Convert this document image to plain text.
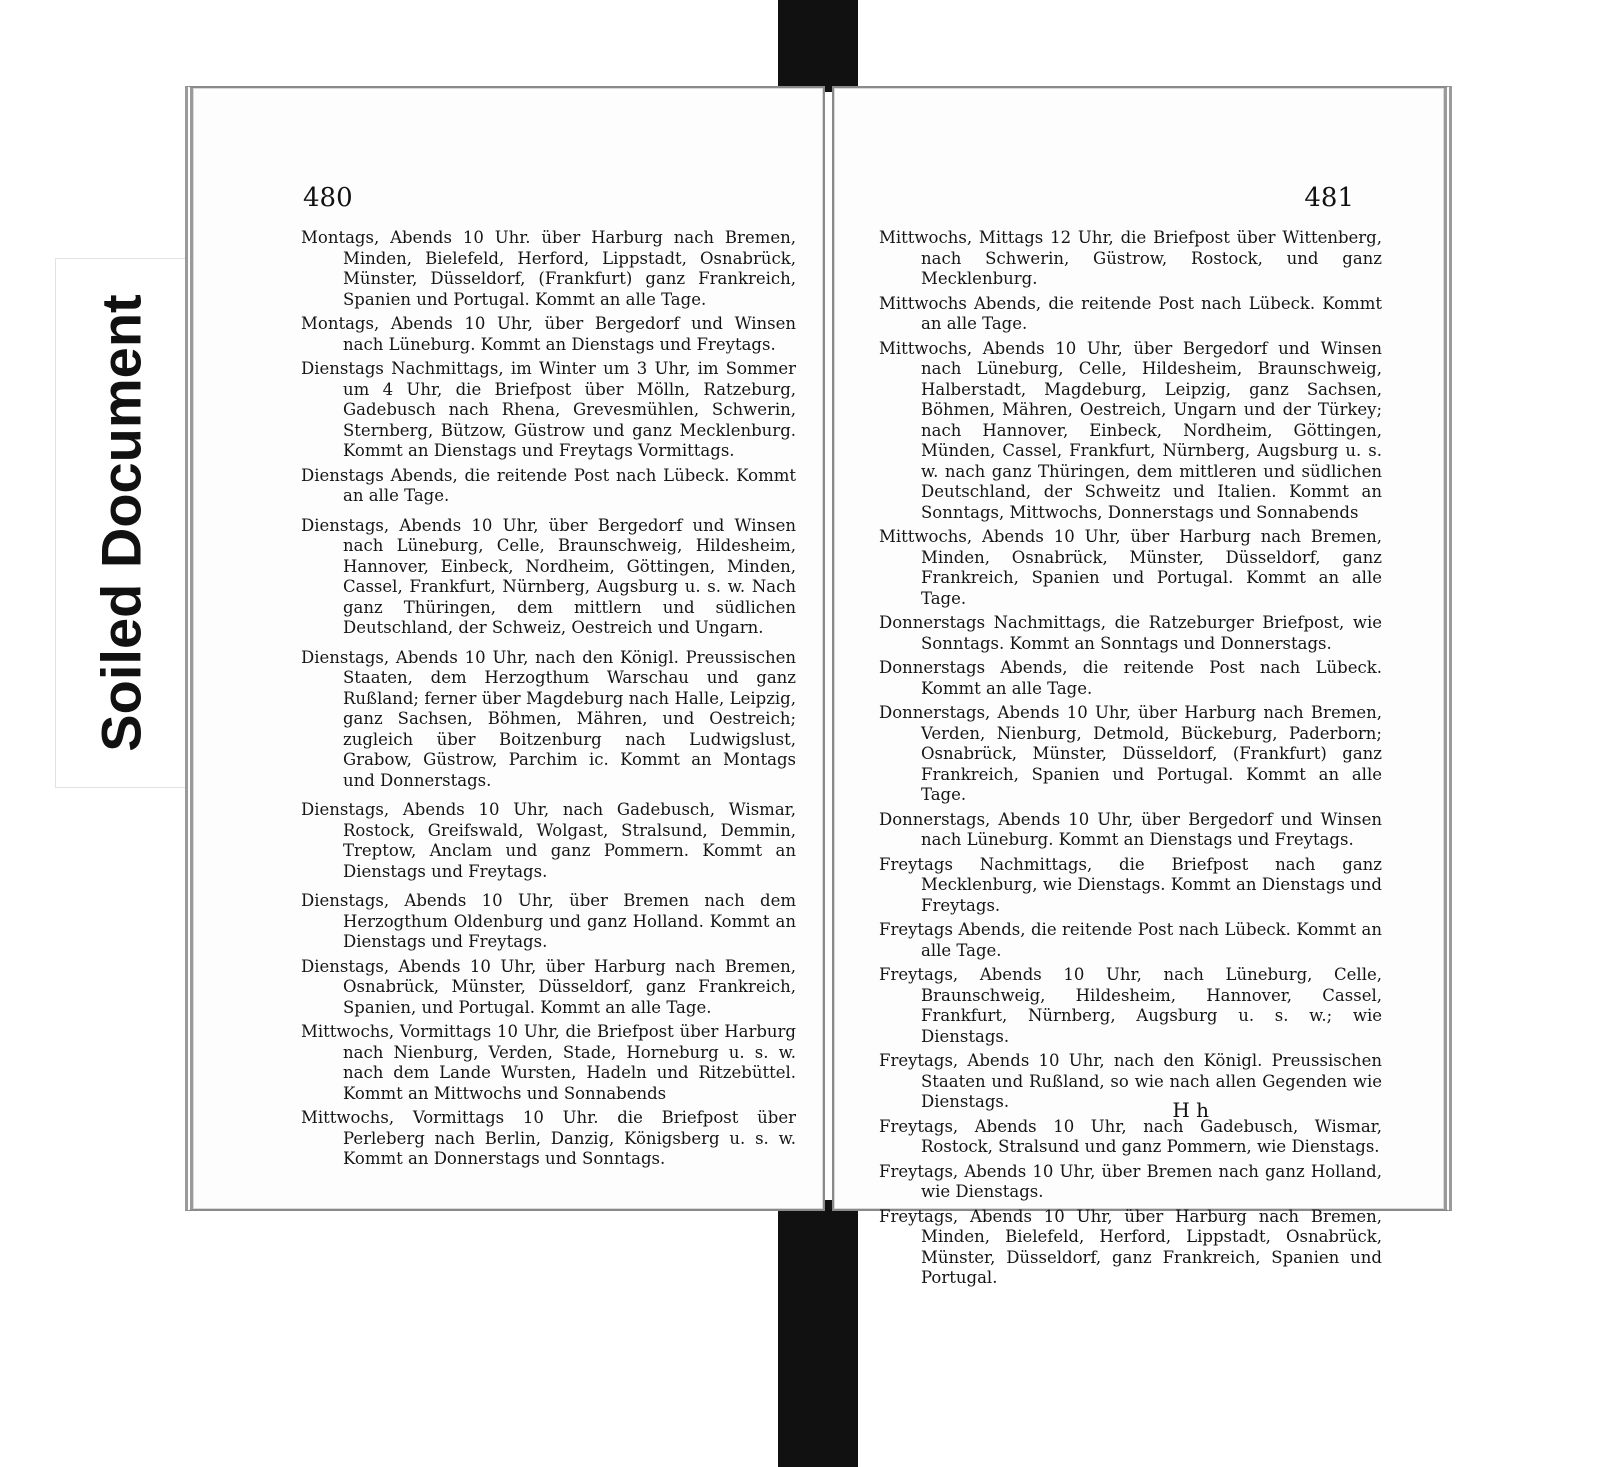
Soiled Document
480

Montags, Abends 10 Uhr. über Harburg nach Bremen, Minden, Bielefeld, Herford, Lippstadt, Osnabrück, Münster, Düsseldorf, (Frankfurt) ganz Frankreich, Spanien und Portugal. Kommt an alle Tage.

Montags, Abends 10 Uhr, über Bergedorf und Winsen nach Lüneburg. Kommt an Dienstags und Freytags.

Dienstags Nachmittags, im Winter um 3 Uhr, im Sommer um 4 Uhr, die Briefpost über Mölln, Ratzeburg, Gadebusch nach Rhena, Grevesmühlen, Schwerin, Sternberg, Bützow, Güstrow und ganz Mecklenburg. Kommt an Dienstags und Freytags Vormittags.

Dienstags Abends, die reitende Post nach Lübeck. Kommt an alle Tage.

Dienstags, Abends 10 Uhr, über Bergedorf und Winsen nach Lüneburg, Celle, Braunschweig, Hildesheim, Hannover, Einbeck, Nordheim, Göttingen, Minden, Cassel, Frankfurt, Nürnberg, Augsburg u. s. w. Nach ganz Thüringen, dem mittlern und südlichen Deutschland, der Schweiz, Oestreich und Ungarn.

Dienstags, Abends 10 Uhr, nach den Königl. Preussischen Staaten, dem Herzogthum Warschau und ganz Rußland; ferner über Magdeburg nach Halle, Leipzig, ganz Sachsen, Böhmen, Mähren, und Oestreich; zugleich über Boitzenburg nach Ludwigslust, Grabow, Güstrow, Parchim ic. Kommt an Montags und Donnerstags.

Dienstags, Abends 10 Uhr, nach Gadebusch, Wismar, Rostock, Greifswald, Wolgast, Stralsund, Demmin, Treptow, Anclam und ganz Pommern. Kommt an Dienstags und Freytags.

Dienstags, Abends 10 Uhr, über Bremen nach dem Herzogthum Oldenburg und ganz Holland. Kommt an Dienstags und Freytags.

Dienstags, Abends 10 Uhr, über Harburg nach Bremen, Osnabrück, Münster, Düsseldorf, ganz Frankreich, Spanien, und Portugal. Kommt an alle Tage.

Mittwochs, Vormittags 10 Uhr, die Briefpost über Harburg nach Nienburg, Verden, Stade, Horneburg u. s. w. nach dem Lande Wursten, Hadeln und Ritzebüttel. Kommt an Mittwochs und Sonnabends

Mittwochs, Vormittags 10 Uhr. die Briefpost über Perleberg nach Berlin, Danzig, Königsberg u. s. w. Kommt an Donnerstags und Sonntags.

481

Mittwochs, Mittags 12 Uhr, die Briefpost über Wittenberg, nach Schwerin, Güstrow, Rostock, und ganz Mecklenburg.

Mittwochs Abends, die reitende Post nach Lübeck. Kommt an alle Tage.

Mittwochs, Abends 10 Uhr, über Bergedorf und Winsen nach Lüneburg, Celle, Hildesheim, Braunschweig, Halberstadt, Magdeburg, Leipzig, ganz Sachsen, Böhmen, Mähren, Oestreich, Ungarn und der Türkey; nach Hannover, Einbeck, Nordheim, Göttingen, Münden, Cassel, Frankfurt, Nürnberg, Augsburg u. s. w. nach ganz Thüringen, dem mittleren und südlichen Deutschland, der Schweitz und Italien. Kommt an Sonntags, Mittwochs, Donnerstags und Sonnabends

Mittwochs, Abends 10 Uhr, über Harburg nach Bremen, Minden, Osnabrück, Münster, Düsseldorf, ganz Frankreich, Spanien und Portugal. Kommt an alle Tage.

Donnerstags Nachmittags, die Ratzeburger Briefpost, wie Sonntags. Kommt an Sonntags und Donnerstags.

Donnerstags Abends, die reitende Post nach Lübeck. Kommt an alle Tage.

Donnerstags, Abends 10 Uhr, über Harburg nach Bremen, Verden, Nienburg, Detmold, Bückeburg, Paderborn; Osnabrück, Münster, Düsseldorf, (Frankfurt) ganz Frankreich, Spanien und Portugal. Kommt an alle Tage.

Donnerstags, Abends 10 Uhr, über Bergedorf und Winsen nach Lüneburg. Kommt an Dienstags und Freytags.

Freytags Nachmittags, die Briefpost nach ganz Mecklenburg, wie Dienstags. Kommt an Dienstags und Freytags.

Freytags Abends, die reitende Post nach Lübeck. Kommt an alle Tage.

Freytags, Abends 10 Uhr, nach Lüneburg, Celle, Braunschweig, Hildesheim, Hannover, Cassel, Frankfurt, Nürnberg, Augsburg u. s. w.; wie Dienstags.

Freytags, Abends 10 Uhr, nach den Königl. Preussischen Staaten und Rußland, so wie nach allen Gegenden wie Dienstags.

Freytags, Abends 10 Uhr, nach Gadebusch, Wismar, Rostock, Stralsund und ganz Pommern, wie Dienstags.

Freytags, Abends 10 Uhr, über Bremen nach ganz Holland, wie Dienstags.

Freytags, Abends 10 Uhr, über Harburg nach Bremen, Minden, Bielefeld, Herford, Lippstadt, Osnabrück, Münster, Düsseldorf, ganz Frankreich, Spanien und Portugal.

H h
